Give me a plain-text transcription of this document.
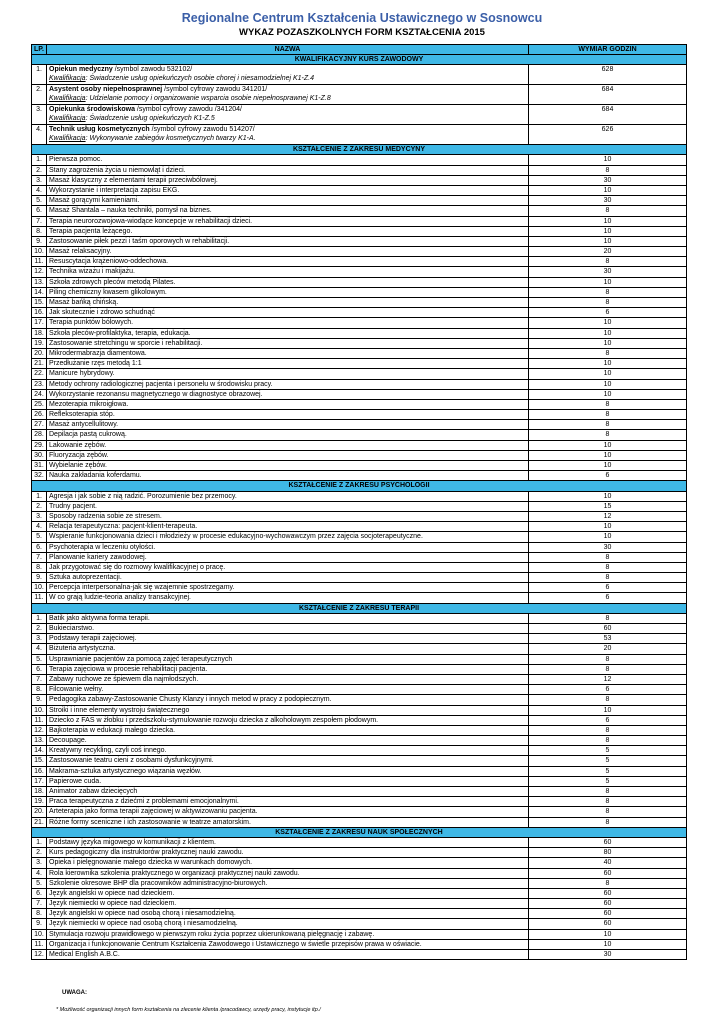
Regionalne Centrum Kształcenia Ustawicznego w Sosnowcu
WYKAZ POZASZKOLNYCH FORM KSZTAŁCENIA 2015
LP.	NAZWA	WYMIAR GODZIN
KWALIFIKACYJNY KURS ZAWODOWY		
1.	Opiekun medyczny /symbol zawodu 532102/
Kwalifikacja: Świadczenie usług opiekuńczych osobie chorej i niesamodzielnej K1-Z.4	628
2.	Asystent osoby niepełnosprawnej /symbol cyfrowy zawodu 341201/
Kwalifikacja: Udzielanie pomocy i organizowanie wsparcia osobie niepełnosprawnej K1-Z.8	684
3.	Opiekunka środowiskowa /symbol cyfrowy zawodu /341204/
Kwalifikacja: Świadczenie usług opiekuńczych K1-Z.5	684
4.	Technik usług kosmetycznych /symbol cyfrowy zawodu 514207/
Kwalifikacja: Wykonywanie zabiegów kosmetycznych twarzy K1-A.	626
KSZTAŁCENIE Z ZAKRESU MEDYCYNY		
1.	Pierwsza pomoc.	10
2.	Stany zagrożenia życia u niemowląt i dzieci.	8
3.	Masaż klasyczny z elementami terapii przeciwbólowej.	30
4.	Wykorzystanie i interpretacja zapisu EKG.	10
5.	Masaż gorącymi kamieniami.	30
6.	Masaż Shantala – nauka techniki, pomysł na biznes.	8
7.	Terapia neurorozwojowa-wiodące koncepcje w rehabilitacji dzieci.	10
8.	Terapia pacjenta leżącego.	10
9.	Zastosowanie piłek pezzi i taśm oporowych w rehabilitacji.	10
10.	Masaż relaksacyjny.	20
11.	Resuscytacja krążeniowo-oddechowa.	8
12.	Technika wizażu i makijażu.	30
13.	Szkoła zdrowych pleców metodą Pilates.	10
14.	Piling chemiczny kwasem glikolowym.	8
15.	Masaż bańką chińską.	8
16.	Jak skutecznie i zdrowo schudnąć	6
17.	Terapia punktów bólowych.	10
18.	Szkoła pleców-profilaktyka, terapia, edukacja.	10
19.	Zastosowanie stretchingu w sporcie i rehabilitacji.	10
20.	Mikrodermabrazja diamentowa.	8
21.	Przedłużanie rzęs metodą 1:1	10
22.	Manicure hybrydowy.	10
23.	Metody ochrony radiologicznej pacjenta i personelu w środowisku pracy.	10
24.	Wykorzystanie rezonansu magnetycznego w diagnostyce obrazowej.	10
25.	Mezoterapia mikroigłowa.	8
26.	Refleksoterapia stóp.	8
27.	Masaż antycellulitowy.	8
28.	Depilacja pastą cukrową.	8
29.	Lakowanie zębów.	10
30.	Fluoryzacja zębów.	10
31.	Wybielanie zębów.	10
32.	Nauka zakładania koferdamu.	6
KSZTAŁCENIE Z ZAKRESU PSYCHOLOGII		
1.	Agresja i jak sobie z nią radzić. Porozumienie bez przemocy.	10
2.	Trudny pacjent.	15
3.	Sposoby radzenia sobie ze stresem.	12
4.	Relacja terapeutyczna: pacjent-klient-terapeuta.	10
5.	Wspieranie funkcjonowania dzieci i młodzieży w procesie edukacyjno-wychowawczym przez zajęcia socjoterapeutyczne.	10
6.	Psychoterapia w leczeniu otyłości.	30
7.	Planowanie kariery zawodowej.	8
8.	Jak przygotować się do rozmowy kwalifikacyjnej o pracę.	8
9.	Sztuka autoprezentacji.	8
10.	Percepcja interpersonalna-jak się wzajemnie spostrzegamy.	6
11.	W co grają ludzie-teoria analizy transakcyjnej.	6
KSZTAŁCENIE Z ZAKRESU TERAPII		
1.	Batik jako aktywna forma terapii.	8
2.	Bukieciarstwo.	60
3.	Podstawy terapii zajęciowej.	53
4.	Biżuteria artystyczna.	20
5.	Usprawnianie pacjentów za pomocą zajęć terapeutycznych	8
6.	Terapia zajęciowa w procesie rehabilitacji pacjenta.	8
7.	Zabawy ruchowe ze śpiewem dla najmłodszych.	12
8.	Filcowanie wełny.	6
9.	Pedagogika zabawy-Zastosowanie Chusty Klanzy i innych metod w pracy z podopiecznym.	8
10.	Stroiki i inne elementy wystroju świątecznego	10
11.	Dziecko z FAS w żłobku i przedszkolu-stymulowanie rozwoju dziecka z alkoholowym zespołem płodowym.	6
12.	Bajkoterapia w edukacji małego dziecka.	8
13.	Decoupage.	8
14.	Kreatywny recykling, czyli coś innego.	5
15.	Zastosowanie teatru cieni z osobami dysfunkcyjnymi.	5
16.	Makrama-sztuka artystycznego wiązania węzłów.	5
17.	Papierowe cuda.	5
18.	Animator zabaw dziecięcych	8
19.	Praca terapeutyczna z dziećmi z problemami emocjonalnymi.	8
20.	Arteterapia jako forma terapii zajęciowej w aktywizowaniu pacjenta.	8
21.	Różne formy sceniczne i ich zastosowanie w teatrze amatorskim.	8
KSZTAŁCENIE Z ZAKRESU NAUK SPOŁECZNYCH		
1.	Podstawy języka migowego w komunikacji z klientem.	60
2.	Kurs pedagogiczny dla instruktorów praktycznej nauki zawodu.	80
3.	Opieka i pielęgnowanie małego dziecka w warunkach domowych.	40
4.	Rola kierownika szkolenia praktycznego w organizacji praktycznej nauki zawodu.	60
5.	Szkolenie okresowe BHP dla pracowników administracyjno-biurowych.	8
6.	Język angielski w opiece nad dzieckiem.	60
7.	Język niemiecki w opiece nad dzieckiem.	60
8.	Język angielski w opiece nad osobą chorą i niesamodzielną.	60
9.	Język niemiecki w opiece nad osobą chorą i niesamodzielną.	60
10.	Stymulacja rozwoju prawidłowego w pierwszym roku życia poprzez ukierunkowaną pielęgnację i zabawę.	10
11.	Organizacja i funkcjonowanie Centrum Kształcenia Zawodowego i Ustawicznego w świetle przepisów prawa w oświacie.	10
12.	Medical English A.B.C.	30
UWAGA:
* Możliwość organizacji innych form kształcenia na zlecenie klienta /pracodawcy, urzędy pracy, instytucje itp./
